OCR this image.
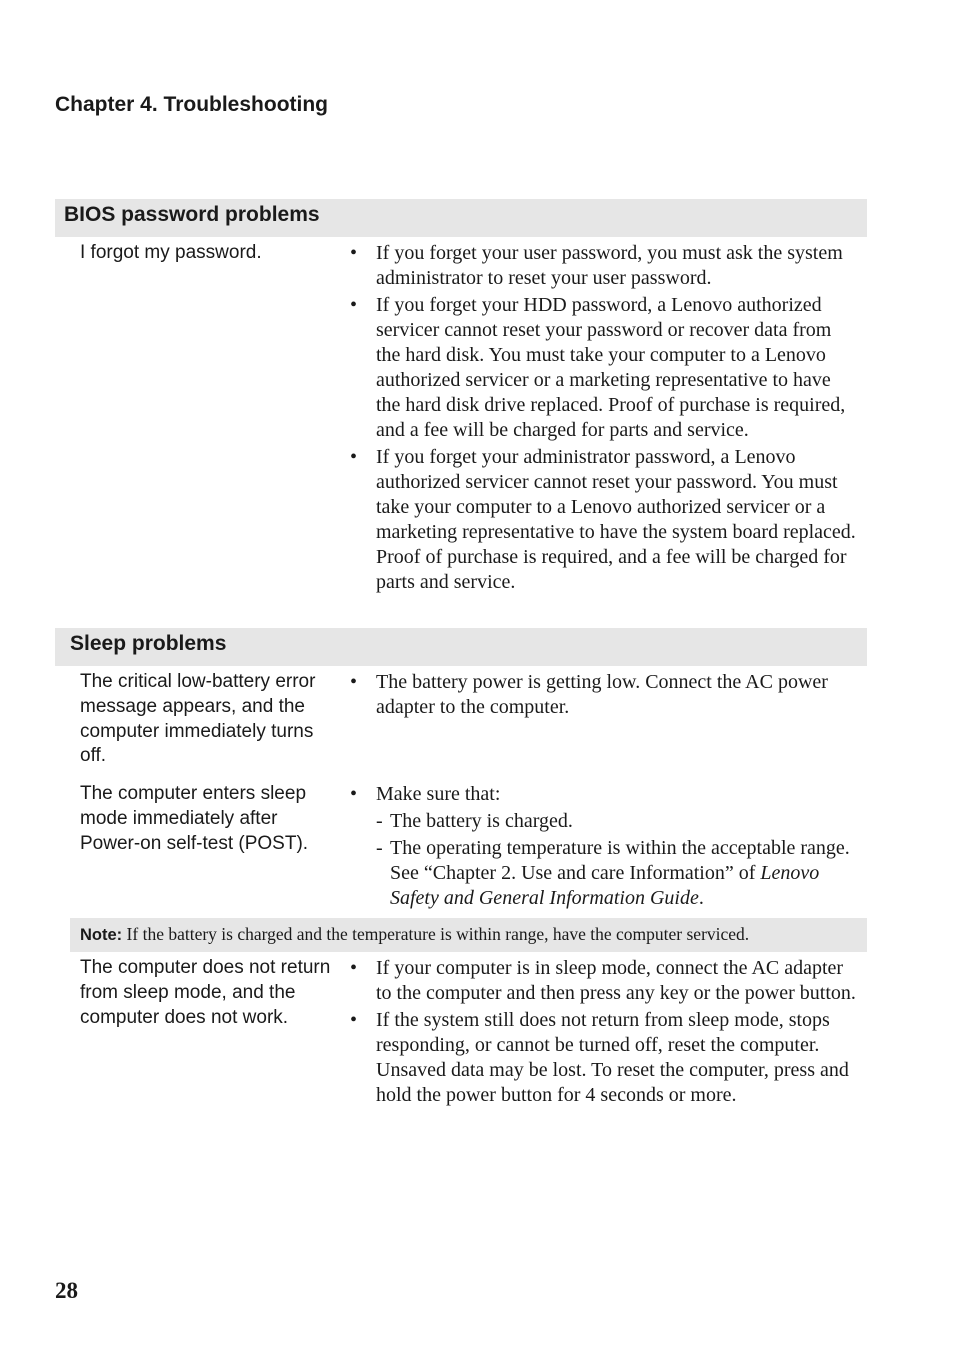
Chapter 4. Troubleshooting
BIOS password problems
I forgot my password.	• If you forget your user password, you must ask the system administrator to reset your user password.
• If you forget your HDD password, a Lenovo authorized servicer cannot reset your password or recover data from the hard disk. You must take your computer to a Lenovo authorized servicer or a marketing representative to have the hard disk drive replaced. Proof of purchase is required, and a fee will be charged for parts and service.
• If you forget your administrator password, a Lenovo authorized servicer cannot reset your password. You must take your computer to a Lenovo authorized servicer or a marketing representative to have the system board replaced. Proof of purchase is required, and a fee will be charged for parts and service.
Sleep problems
The critical low-battery error message appears, and the computer immediately turns off.
• The battery power is getting low. Connect the AC power adapter to the computer.
The computer enters sleep mode immediately after Power-on self-test (POST).
• Make sure that:
- The battery is charged.
- The operating temperature is within the acceptable range. See “Chapter 2. Use and care Information” of Lenovo Safety and General Information Guide.
Note: If the battery is charged and the temperature is within range, have the computer serviced.
The computer does not return from sleep mode, and the computer does not work.
• If your computer is in sleep mode, connect the AC adapter to the computer and then press any key or the power button.
• If the system still does not return from sleep mode, stops responding, or cannot be turned off, reset the computer. Unsaved data may be lost. To reset the computer, press and hold the power button for 4 seconds or more.
28
